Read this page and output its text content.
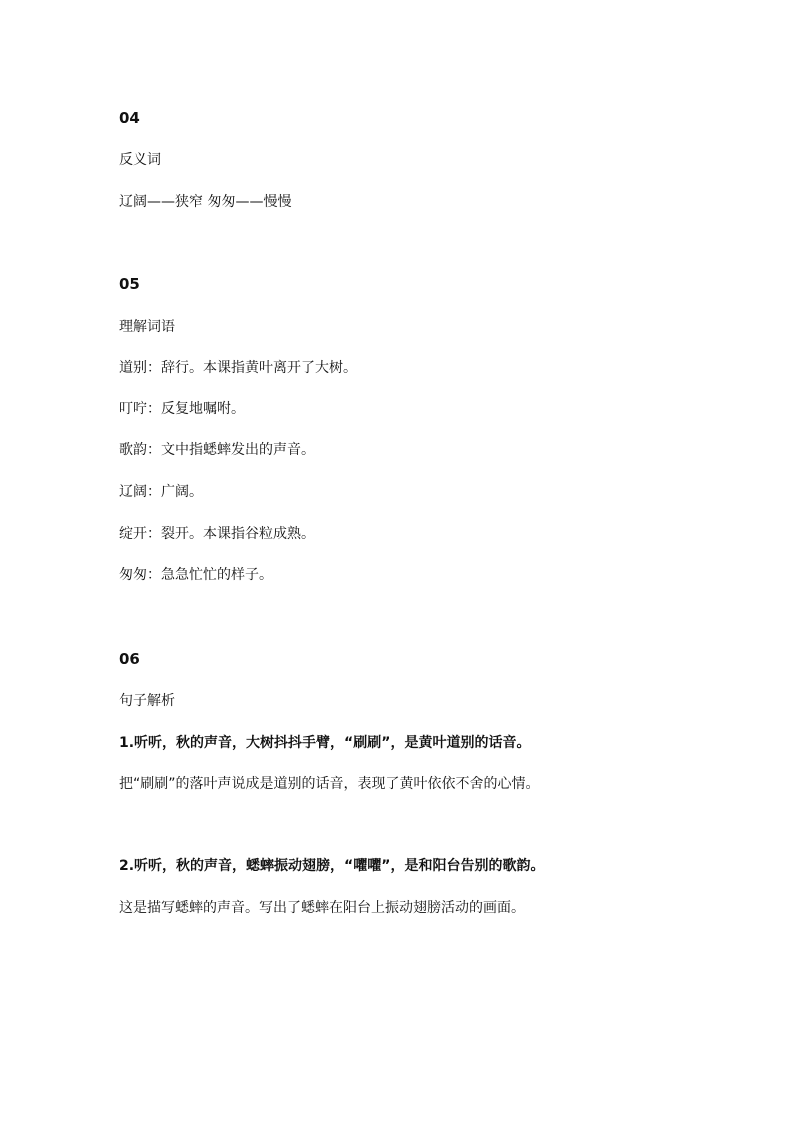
04
反义词
辽阔——狭窄 匆匆——慢慢
05
理解词语
道别：辞行。本课指黄叶离开了大树。
叮咛：反复地嘱咐。
歌韵：文中指蟋蟀发出的声音。
辽阔：广阔。
绽开：裂开。本课指谷粒成熟。
匆匆：急急忙忙的样子。
06
句子解析
1.听听，秋的声音，大树抖抖手臂，“刷刷”，是黄叶道别的话音。
把“刷刷”的落叶声说成是道别的话音，表现了黄叶依依不舍的心情。
2.听听，秋的声音，蟋蟀振动翅膀，“㘗㘗”，是和阳台告别的歌韵。
这是描写蟋蟀的声音。写出了蟋蟀在阳台上振动翅膀活动的画面。
